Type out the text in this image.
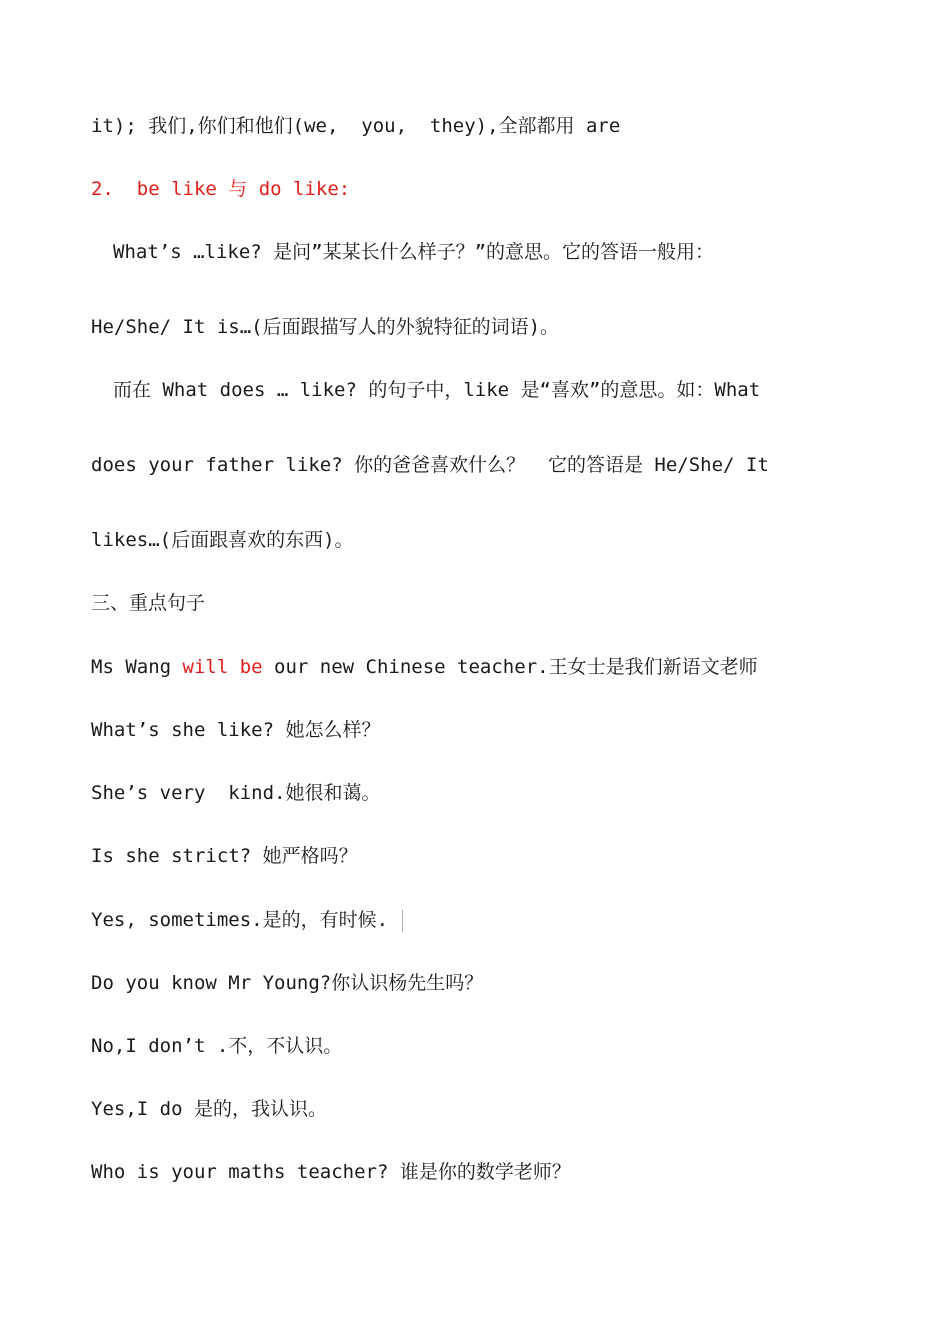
it); 我们,你们和他们(we,  you,  they),全部都用 are
2.  be like 与 do like:
What’s …like? 是问”某某长什么样子？”的意思。它的答语一般用：
He/She/ It is…(后面跟描写人的外貌特征的词语)。
而在 What does … like? 的句子中，like 是“喜欢”的意思。如：What
does your father like? 你的爸爸喜欢什么？  它的答语是 He/She/ It
likes…(后面跟喜欢的东西)。
三、重点句子
Ms Wang will be our new Chinese teacher.王女士是我们新语文老师
What’s she like? 她怎么样？
She’s very  kind.她很和蔼。
Is she strict? 她严格吗？
Yes, sometimes.是的，有时候.
Do you know Mr Young?你认识杨先生吗？
No,I don’t .不，不认识。
Yes,I do 是的，我认识。
Who is your maths teacher? 谁是你的数学老师？
